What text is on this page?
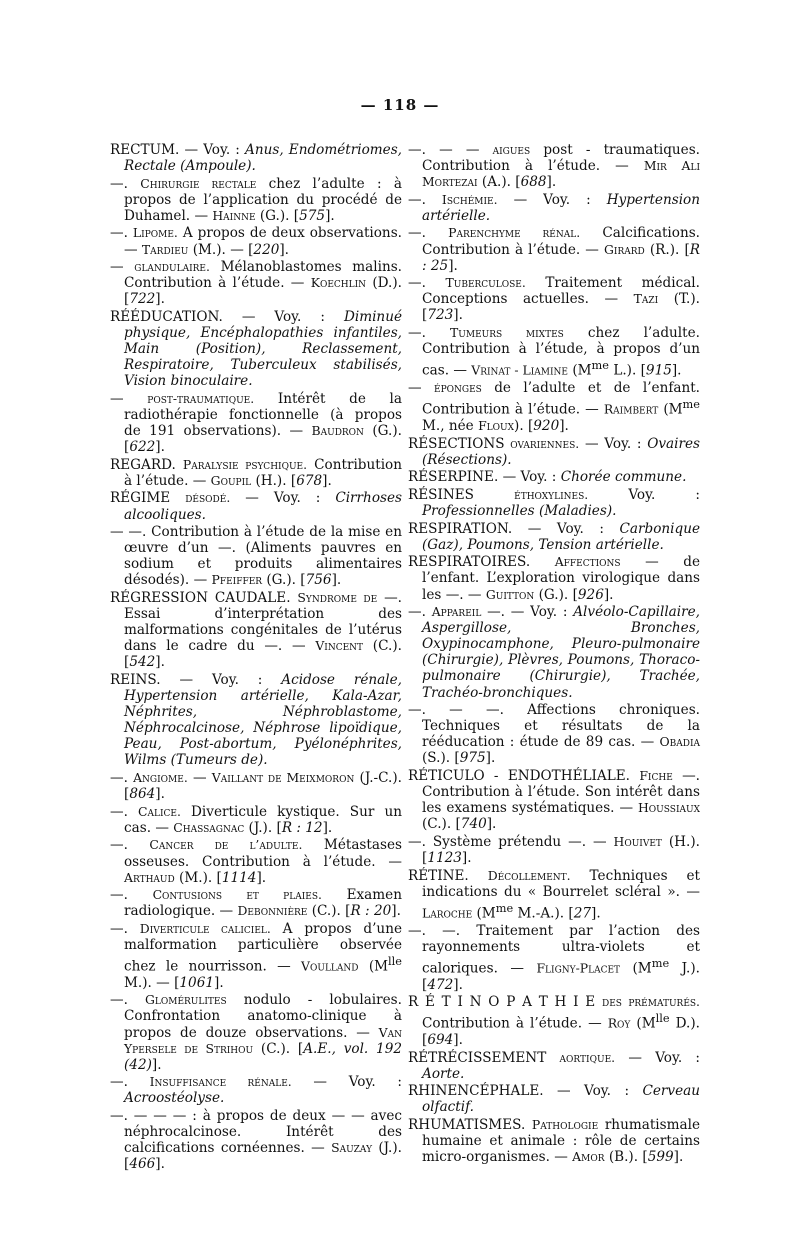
— 118 —

RECTUM. — Voy. : Anus, Endométriomes, Rectale (Ampoule).

—. Chirurgie rectale chez l’adulte : à propos de l’application du procédé de Duhamel. — Hainne (G.). [575].

—. Lipome. A propos de deux observations. — Tardieu (M.). — [220].

— glandulaire. Mélanoblastomes malins. Contribution à l’étude. — Koechlin (D.). [722].

RÉÉDUCATION. — Voy. : Diminué physique, Encéphalopathies infantiles, Main (Position), Reclassement, Respiratoire, Tuberculeux stabilisés, Vision binoculaire.

— post-traumatique. Intérêt de la radiothérapie fonctionnelle (à propos de 191 observations). — Baudron (G.). [622].

REGARD. Paralysie psychique. Contribution à l’étude. — Goupil (H.). [678].

RÉGIME désodé. — Voy. : Cirrhoses alcooliques.

— —. Contribution à l’étude de la mise en œuvre d’un —. (Aliments pauvres en sodium et produits alimentaires désodés). — Pfeiffer (G.). [756].

RÉGRESSION CAUDALE. Syndrome de —. Essai d’interprétation des malformations congénitales de l’utérus dans le cadre du —. — Vincent (C.). [542].

REINS. — Voy. : Acidose rénale, Hypertension artérielle, Kala-Azar, Néphrites, Néphroblastome, Néphrocalcinose, Néphrose lipoïdique, Peau, Post-abortum, Pyélonéphrites, Wilms (Tumeurs de).

—. Angiome. — Vaillant de Meixmoron (J.-C.). [864].

—. Calice. Diverticule kystique. Sur un cas. — Chassagnac (J.). [R : 12].

—. Cancer de l’adulte. Métastases osseuses. Contribution à l’étude. — Arthaud (M.). [1114].

—. Contusions et plaies. Examen radiologique. — Debonnière (C.). [R : 20].

—. Diverticule caliciel. A propos d’une malformation particulière observée chez le nourrisson. — Voulland ($M^{lle}$ M.). — [1061].

—. Glomérulites nodulo - lobulaires. Confrontation anatomo-clinique à propos de douze observations. — Van Ypersele de Strihou (C.). [A.E., vol. 192 (42)].

—. Insuffisance rénale. — Voy. : Acroostéolyse.

—. — — — : à propos de deux — — avec néphrocalcinose. Intérêt des calcifications cornéennes. — Sauzay (J.). [466].

—. — — aigues post - traumatiques. Contribution à l’étude. — Mir Ali Mortezai (A.). [688].

—. Ischémie. — Voy. : Hypertension artérielle.

—. Parenchyme rénal. Calcifications. Contribution à l’étude. — Girard (R.). [R : 25].

—. Tuberculose. Traitement médical. Conceptions actuelles. — Tazi (T.). [723].

—. Tumeurs mixtes chez l’adulte. Contribution à l’étude, à propos d’un cas. — Vrinat - Liamine ($M^{me}$ L.). [915].

— éponges de l’adulte et de l’enfant. Contribution à l’étude. — Raimbert ($M^{me}$ M., née Floux). [920].

RÉSECTIONS ovariennes. — Voy. : Ovaires (Résections).

RÉSERPINE. — Voy. : Chorée commune.

RÉSINES éthoxylines. Voy. : Professionnelles (Maladies).

RESPIRATION. — Voy. : Carbonique (Gaz), Poumons, Tension artérielle.

RESPIRATOIRES. Affections — de l’enfant. L’exploration virologique dans les —. — Guitton (G.). [926].

—. Appareil —. — Voy. : Alvéolo-Capillaire, Aspergillose, Bronches, Oxypinocamphone, Pleuro-pulmonaire (Chirurgie), Plèvres, Poumons, Thoraco-pulmonaire (Chirurgie), Trachée, Trachéo-bronchiques.

—. — —. Affections chroniques. Techniques et résultats de la rééducation : étude de 89 cas. — Obadia (S.). [975].

RÉTICULO - ENDOTHÉLIALE. Fiche —. Contribution à l’étude. Son intérêt dans les examens systématiques. — Houssiaux (C.). [740].

—. Système prétendu —. — Houivet (H.). [1123].

RÉTINE. Décollement. Techniques et indications du « Bourrelet scléral ». — Laroche ($M^{me}$ M.-A.). [27].

—. —. Traitement par l’action des rayonnements ultra-violets et caloriques. — Fligny-Placet ($M^{me}$ J.). [472].

R É T I N O P A T H I E des prématurés. Contribution à l’étude. — Roy ($M^{lle}$ D.). [694].

RÉTRÉCISSEMENT aortique. — Voy. : Aorte.

RHINENCÉPHALE. — Voy. : Cerveau olfactif.

RHUMATISMES. Pathologie rhumatismale humaine et animale : rôle de certains micro-organismes. — Amor (B.). [599].
